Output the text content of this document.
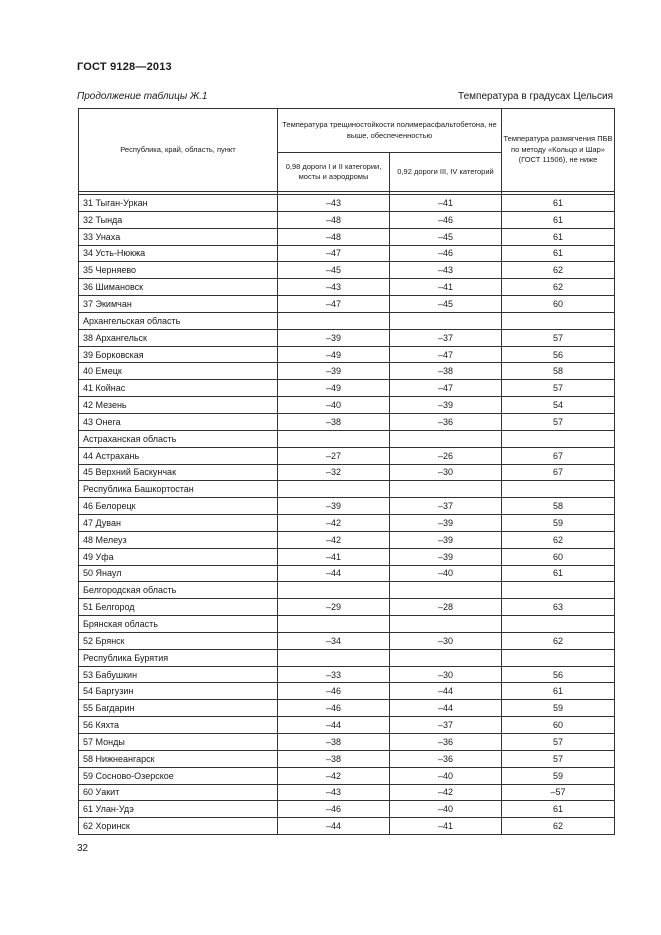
ГОСТ 9128—2013
Продолжение таблицы Ж.1	Температура в градусах Цельсия
Республика, край, область, пункт	Температура трещиностойкости полимерасфальтобетона, не выше, обеспеченностью		Температура размягчения ПБВ по методу «Кольцо и Шар» (ГОСТ 11506), не ниже
	0,98 дороги I и II категории, мосты и аэродромы	0,92 дороги III, IV категорий	

31 Тыган-Уркан	–43	–41	61
32 Тында	–48	–46	61
33 Унаха	–48	–45	61
34 Усть-Нюкжа	–47	–46	61
35 Черняево	–45	–43	62
36 Шимановск	–43	–41	62
37 Экимчан	–47	–45	60
Архангельская область			
38 Архангельск	–39	–37	57
39 Борковская	–49	–47	56
40 Емецк	–39	–38	58
41 Койнас	–49	–47	57
42 Мезень	–40	–39	54
43 Онега	–38	–36	57
Астраханская область			
44 Астрахань	–27	–26	67
45 Верхний Баскунчак	–32	–30	67
Республика Башкортостан			
46 Белорецк	–39	–37	58
47 Дуван	–42	–39	59
48 Мелеуз	–42	–39	62
49 Уфа	–41	–39	60
50 Янаул	–44	–40	61
Белгородская область			
51 Белгород	–29	–28	63
Брянская область			
52 Брянск	–34	–30	62
Республика Бурятия			
53 Бабушкин	–33	–30	56
54 Баргузин	–46	–44	61
55 Багдарин	–46	–44	59
56 Кяхта	–44	–37	60
57 Монды	–38	–36	57
58 Нижнеангарск	–38	–36	57
59 Сосново-Озерское	–42	–40	59
60 Уакит	–43	–42	–57
61 Улан-Удэ	–46	–40	61
62 Хоринск	–44	–41	62
32
